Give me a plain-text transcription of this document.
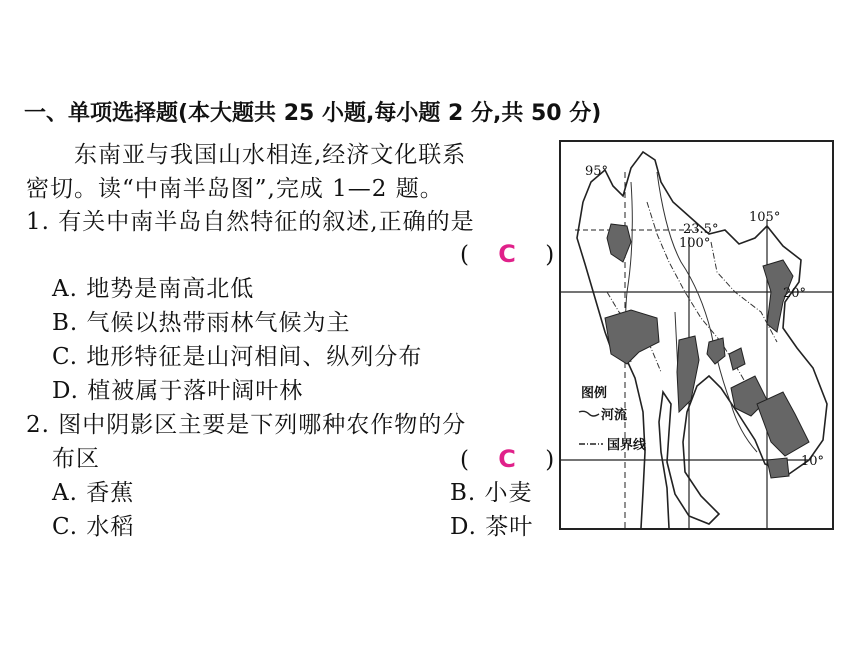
一、单项选择题(本大题共 25 小题,每小题 2 分,共 50 分)
东南亚与我国山水相连,经济文化联系
密切。读“中南半岛图”,完成 1—2 题。
1. 有关中南半岛自然特征的叙述,正确的是
( C )
A. 地势是南高北低
B. 气候以热带雨林气候为主
C. 地形特征是山河相间、纵列分布
D. 植被属于落叶阔叶林
2. 图中阴影区主要是下列哪种农作物的分
布区	( C )
A. 香蕉	B. 小麦
C. 水稻	D. 茶叶
95°
23.5°
100°
105°
20°
10°
图例
河流
国界线
